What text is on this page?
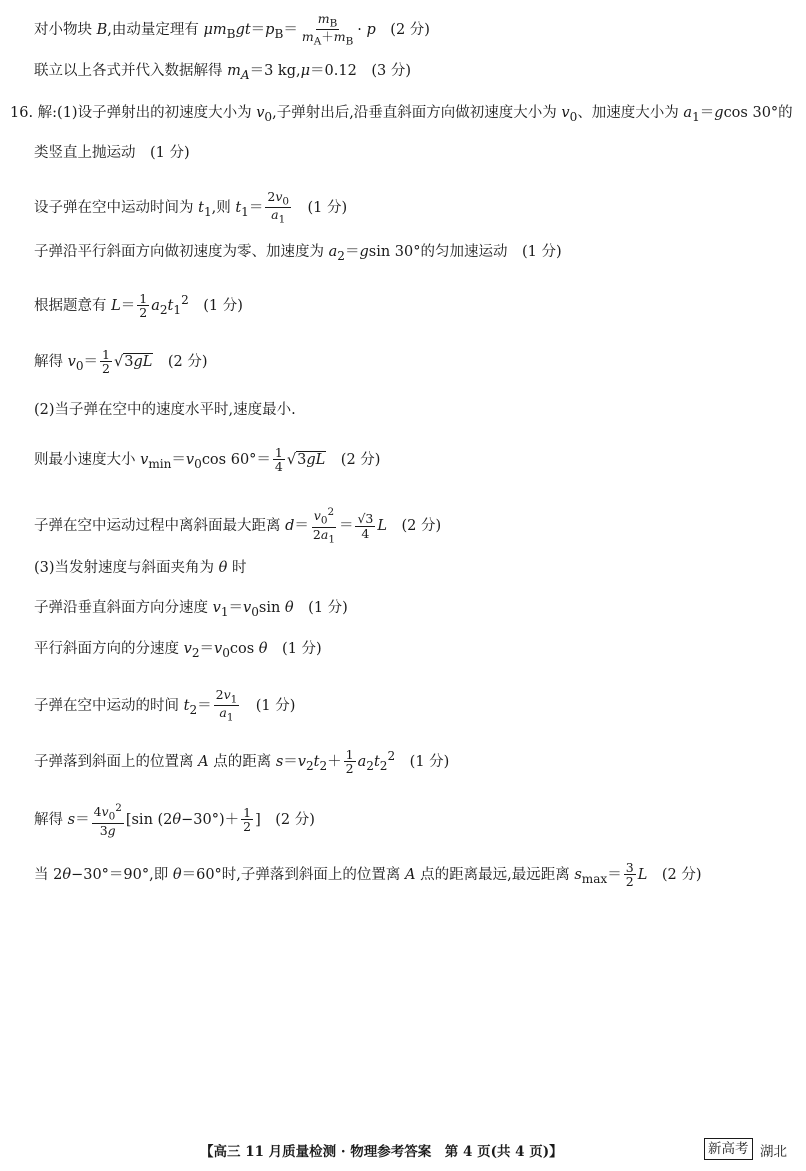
对小物块 B,由动量定理有 $\mu m_Bgt=p_B= \frac{m_B}{m_A+m_B} \cdot p$　(2 分)
联立以上各式并代入数据解得 $m_A=3$ kg,μ＝0.12　(3 分)
16. 解:(1)设子弹射出的初速度大小为 $v_0$,子弹射出后,沿垂直斜面方向做初速度大小为 $v_0$、加速度大小为 $a_1=gcos$ 30°的
类竖直上抛运动　(1 分)
设子弹在空中运动时间为 $t_1$,则 $t_1= \frac{2v_0}{a_1}$ 　(1 分)
子弹沿平行斜面方向做初速度为零、加速度为 $a_2=gsin$ 30°的匀加速运动　(1 分)
根据题意有 $L= \frac{1}{2} a_2t_1^2$　(1 分)
解得 $v_0= \frac{1}{2} √3gL$　(2 分)
(2)当子弹在空中的速度水平时,速度最小.
则最小速度大小 $v_{min}=v_0\cos$ $60^\circ= \frac{1}{4} √3gL$　(2 分)
子弹在空中运动过程中离斜面最大距离 $d= \frac{v_0^2}{2a_1} = \frac{√3}{4}$ L　(2 分)
(3)当发射速度与斜面夹角为 θ 时
子弹沿垂直斜面方向分速度 $v_1=v_0\sin$ θ　(1 分)
平行斜面方向的分速度 $v_2=v_0\cos$ θ　(1 分)
子弹在空中运动的时间 $t_2= \frac{2v_1}{a_1}$ 　(1 分)
子弹落到斜面上的位置离 A 点的距离 $s=v_2t_2+ \frac{1}{2} a_2t_2^2$　(1 分)
解得 $s= \frac{4v_0^2}{3g} [\sin$ $(2\theta-30^\circ)+ \frac{1}{2}$ ]　(2 分)
当 2θ−30°＝90°,即 θ＝60°时,子弹落到斜面上的位置离 A 点的距离最远,最远距离 $s_{max}= \frac{3}{2}$ L　(2 分)
【高三 11 月质量检测 · 物理参考答案　第 4 页(共 4 页)】	新高考 湖北
